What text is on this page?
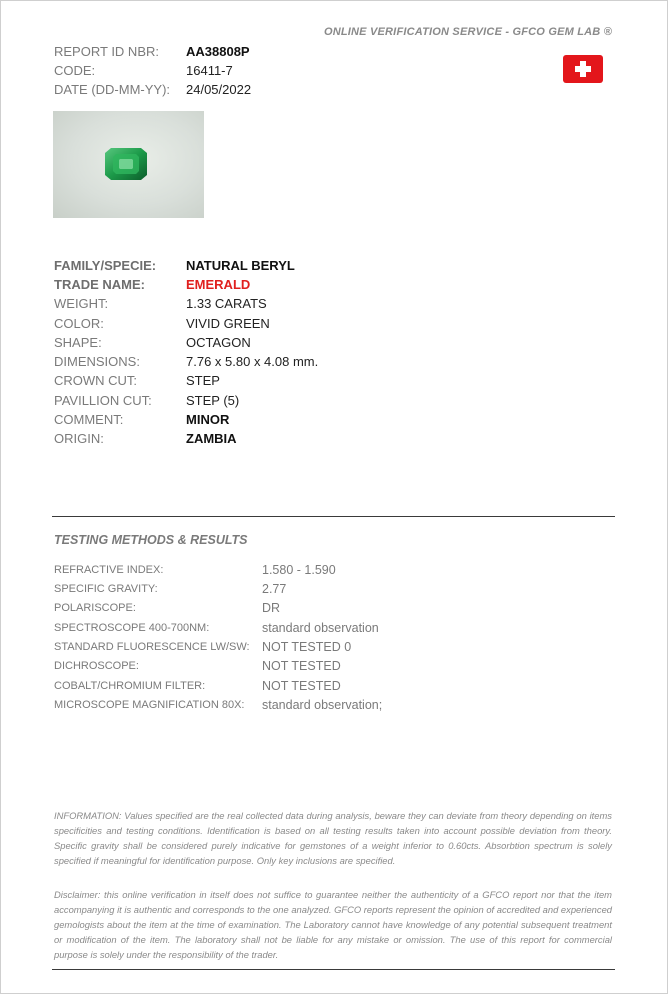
ONLINE VERIFICATION SERVICE - GFCO GEM LAB ®
REPORT ID NBR:	AA38808P
CODE:	16411-7
DATE (DD-MM-YY):	24/05/2022
FAMILY/SPECIE:	NATURAL BERYL
TRADE NAME:	EMERALD
WEIGHT:	1.33 CARATS
COLOR:	VIVID GREEN
SHAPE:	OCTAGON
DIMENSIONS:	7.76 x 5.80 x 4.08 mm.
CROWN CUT:	STEP
PAVILLION CUT:	STEP (5)
COMMENT:	MINOR
ORIGIN:	ZAMBIA
TESTING METHODS & RESULTS
REFRACTIVE INDEX:	1.580 - 1.590
SPECIFIC GRAVITY:	2.77
POLARISCOPE:	DR
SPECTROSCOPE 400-700NM:	standard observation
STANDARD FLUORESCENCE LW/SW: NOT TESTED 0
DICHROSCOPE:	NOT TESTED
COBALT/CHROMIUM FILTER:	NOT TESTED
MICROSCOPE MAGNIFICATION 80X:	standard observation;
INFORMATION: Values specified are the real collected data during analysis, beware they can deviate from theory depending on items specificities and testing conditions. Identification is based on all testing results taken into account possible deviation from theory. Specific gravity shall be considered purely indicative for gemstones of a weight inferior to 0.60cts. Absorbtion spectrum is solely specified if meaningful for identification purpose. Only key inclusions are specified.
Disclaimer: this online verification in itself does not suffice to guarantee neither the authenticity of a GFCO report nor that the item accompanying it is authentic and corresponds to the one analyzed. GFCO reports represent the opinion of accredited and experienced gemologists about the item at the time of examination. The Laboratory cannot have knowledge of any potential subsequent treatment or modification of the item. The laboratory shall not be liable for any mistake or omission. The use of this report for commercial purpose is solely under the responsibility of the trader.
